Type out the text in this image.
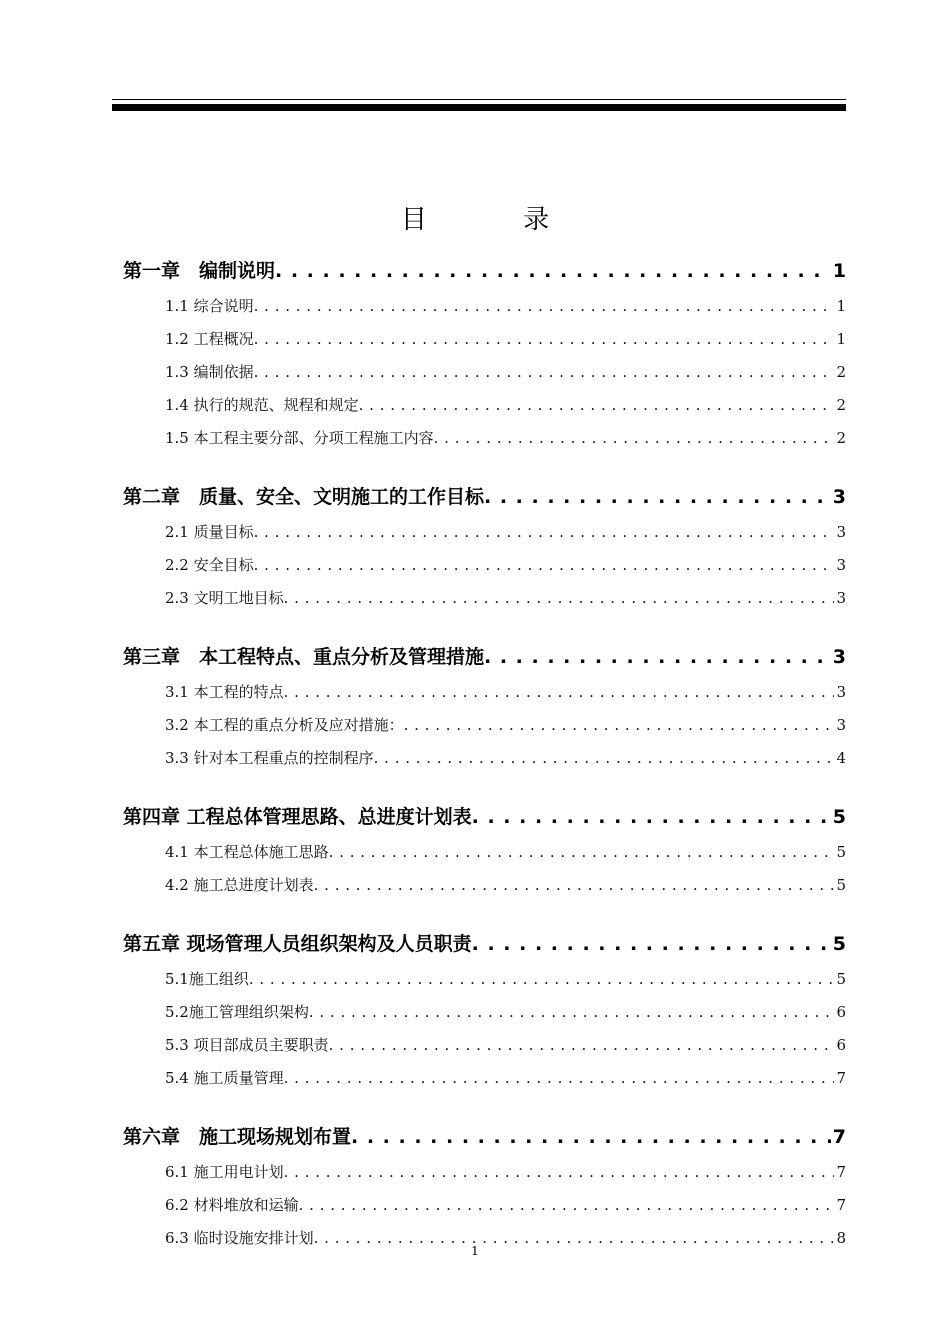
目 录
第一章　编制说明 . . .	1
1.1 综合说明 . . .	1
1.2 工程概况 . . .	1
1.3 编制依据 . . .	2
1.4 执行的规范、规程和规定 . . .	2
1.5 本工程主要分部、分项工程施工内容 . . .	2
第二章　质量、安全、文明施工的工作目标 . . .	3
2.1 质量目标 . . .	3
2.2 安全目标 . . .	3
2.3 文明工地目标 . . .	3
第三章　本工程特点、重点分析及管理措施 . . .	3
3.1 本工程的特点 . . .	3
3.2 本工程的重点分析及应对措施： . . .	3
3.3 针对本工程重点的控制程序 . . .	4
第四章 工程总体管理思路、总进度计划表 . . .	5
4.1 本工程总体施工思路 . . .	5
4.2 施工总进度计划表 . . .	5
第五章 现场管理人员组织架构及人员职责 . . .	5
5.1施工组织 . . .	5
5.2施工管理组织架构 . . .	6
5.3 项目部成员主要职责 . . .	6
5.4 施工质量管理 . . .	7
第六章　施工现场规划布置 . . .	7
6.1 施工用电计划 . . .	7
6.2 材料堆放和运输 . . .	7
6.3 临时设施安排计划 . . .	8
1
